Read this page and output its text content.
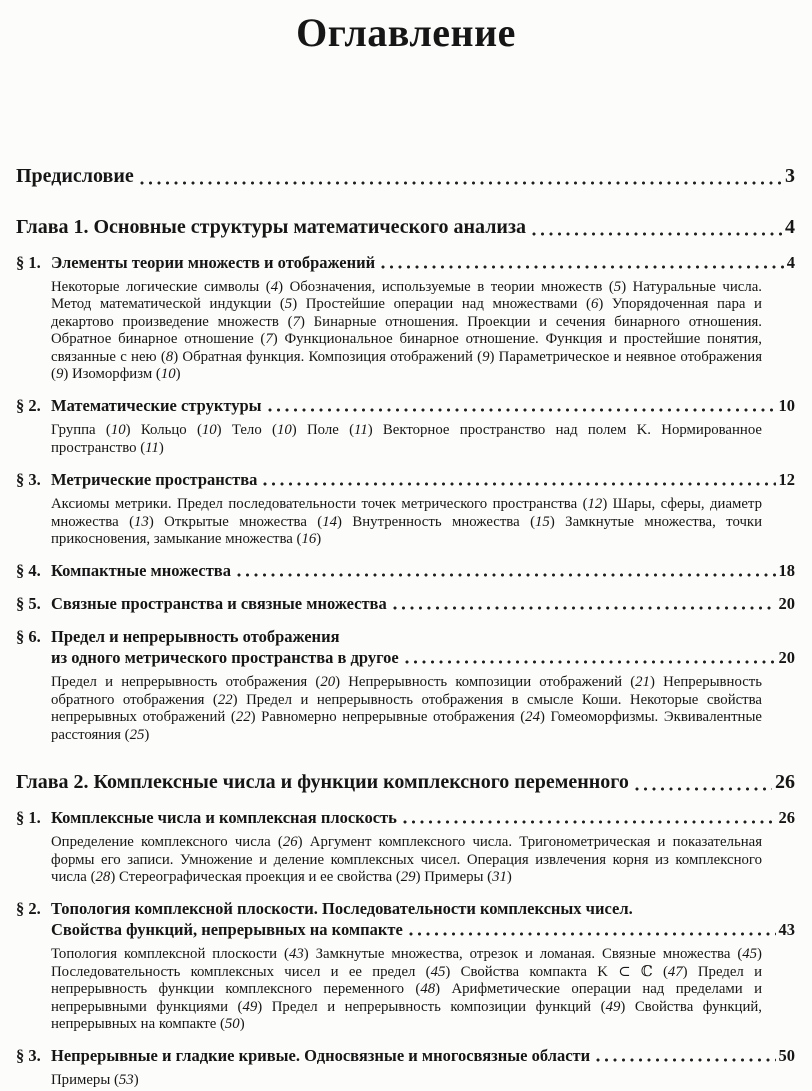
Оглавление
Предисловие	3
Глава 1. Основные структуры математического анализа	4
§ 1. Элементы теории множеств и отображений	4

Некоторые логические символы (4) Обозначения, используемые в теории множеств (5) Натуральные числа. Метод математической индукции (5) Простейшие операции над множествами (6) Упорядоченная пара и декартово произведение множеств (7) Бинарные отношения. Проекции и сечения бинарного отношения. Обратное бинарное отношение (7) Функциональное бинарное отношение. Функция и простейшие понятия, связанные с нею (8) Обратная функция. Композиция отображений (9) Параметрическое и неявное отображения (9) Изоморфизм (10)

§ 2. Математические структуры	10

Группа (10) Кольцо (10) Тело (10) Поле (11) Векторное пространство над полем K. Нормированное пространство (11)

§ 3. Метрические пространства	12

Аксиомы метрики. Предел последовательности точек метрического пространства (12) Шары, сферы, диаметр множества (13) Открытые множества (14) Внутренность множества (15) Замкнутые множества, точки прикосновения, замыкание множества (16)

§ 4. Компактные множества	18
§ 5. Связные пространства и связные множества	20
§ 6. Предел и непрерывность отображения
из одного метрического пространства в другое	20

Предел и непрерывность отображения (20) Непрерывность композиции отображений (21) Непрерывность обратного отображения (22) Предел и непрерывность отображения в смысле Коши. Некоторые свойства непрерывных отображений (22) Равномерно непрерывные отображения (24) Гомеоморфизмы. Эквивалентные расстояния (25)

Глава 2. Комплексные числа и функции комплексного переменного	26
§ 1. Комплексные числа и комплексная плоскость	26

Определение комплексного числа (26) Аргумент комплексного числа. Тригонометрическая и показательная формы его записи. Умножение и деление комплексных чисел. Операция извлечения корня из комплексного числа (28) Стереографическая проекция и ее свойства (29) Примеры (31)

§ 2. Топология комплексной плоскости. Последовательности комплексных чисел.
Свойства функций, непрерывных на компакте	43

Топология комплексной плоскости (43) Замкнутые множества, отрезок и ломаная. Связные множества (45) Последовательность комплексных чисел и ее предел (45) Свойства компакта K ⊂ ℂ (47) Предел и непрерывность функции комплексного переменного (48) Арифметические операции над пределами и непрерывными функциями (49) Предел и непрерывность композиции функций (49) Свойства функций, непрерывных на компакте (50)

§ 3. Непрерывные и гладкие кривые. Односвязные и многосвязные области	50

Примеры (53)
